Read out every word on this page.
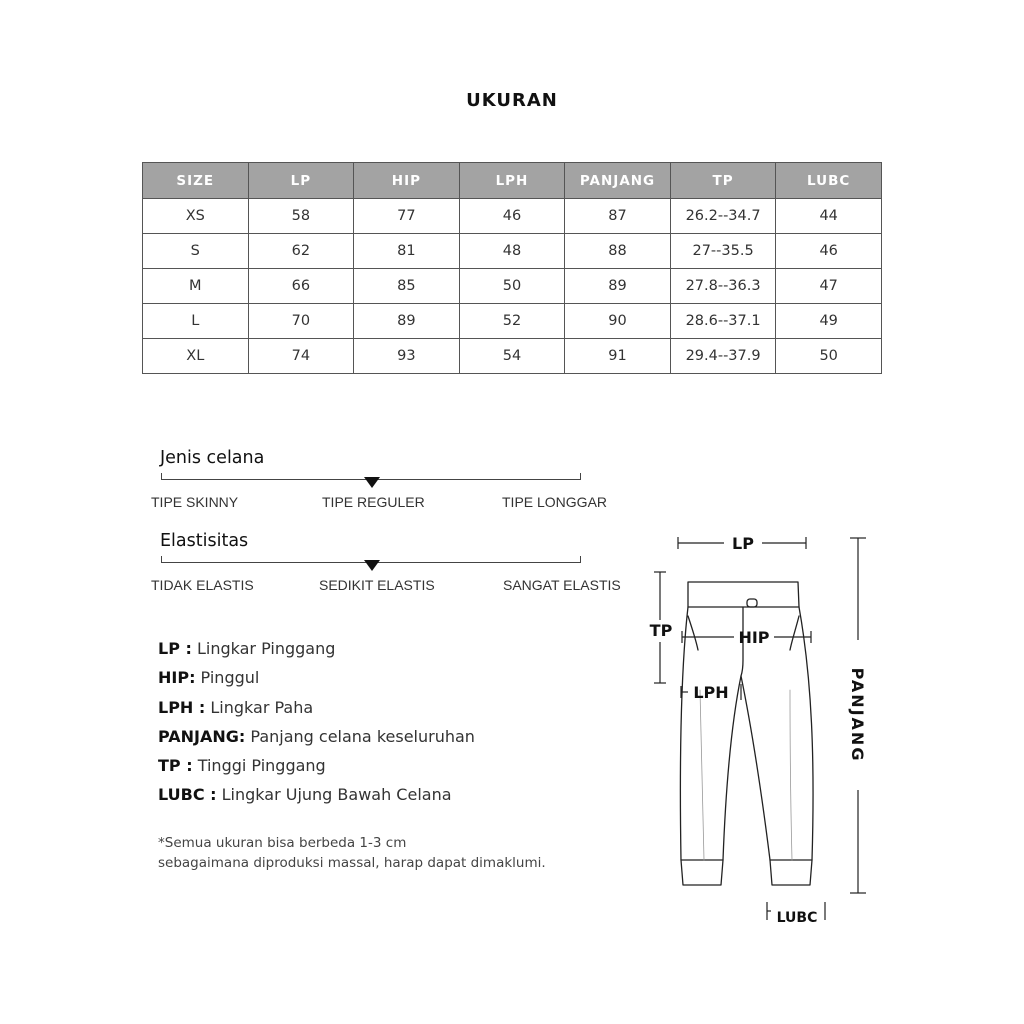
UKURAN
SIZE	LP	HIP	LPH	PANJANG	TP	LUBC
XS	58	77	46	87	26.2--34.7	44
S	62	81	48	88	27--35.5	46
M	66	85	50	89	27.8--36.3	47
L	70	89	52	90	28.6--37.1	49
XL	74	93	54	91	29.4--37.9	50
Jenis celana
TIPE SKINNY	TIPE REGULER	TIPE LONGGAR
Elastisitas
TIDAK ELASTIS	SEDIKIT ELASTIS	SANGAT ELASTIS
LP : Lingkar Pinggang
HIP: Pinggul
LPH : Lingkar Paha
PANJANG: Panjang celana keseluruhan
TP : Tinggi Pinggang
LUBC : Lingkar Ujung Bawah Celana
*Semua ukuran bisa berbeda 1-3 cm
sebagaimana diproduksi massal, harap dapat dimaklumi.
LP
TP	HIP
LPH
LUBC
PANJANG
